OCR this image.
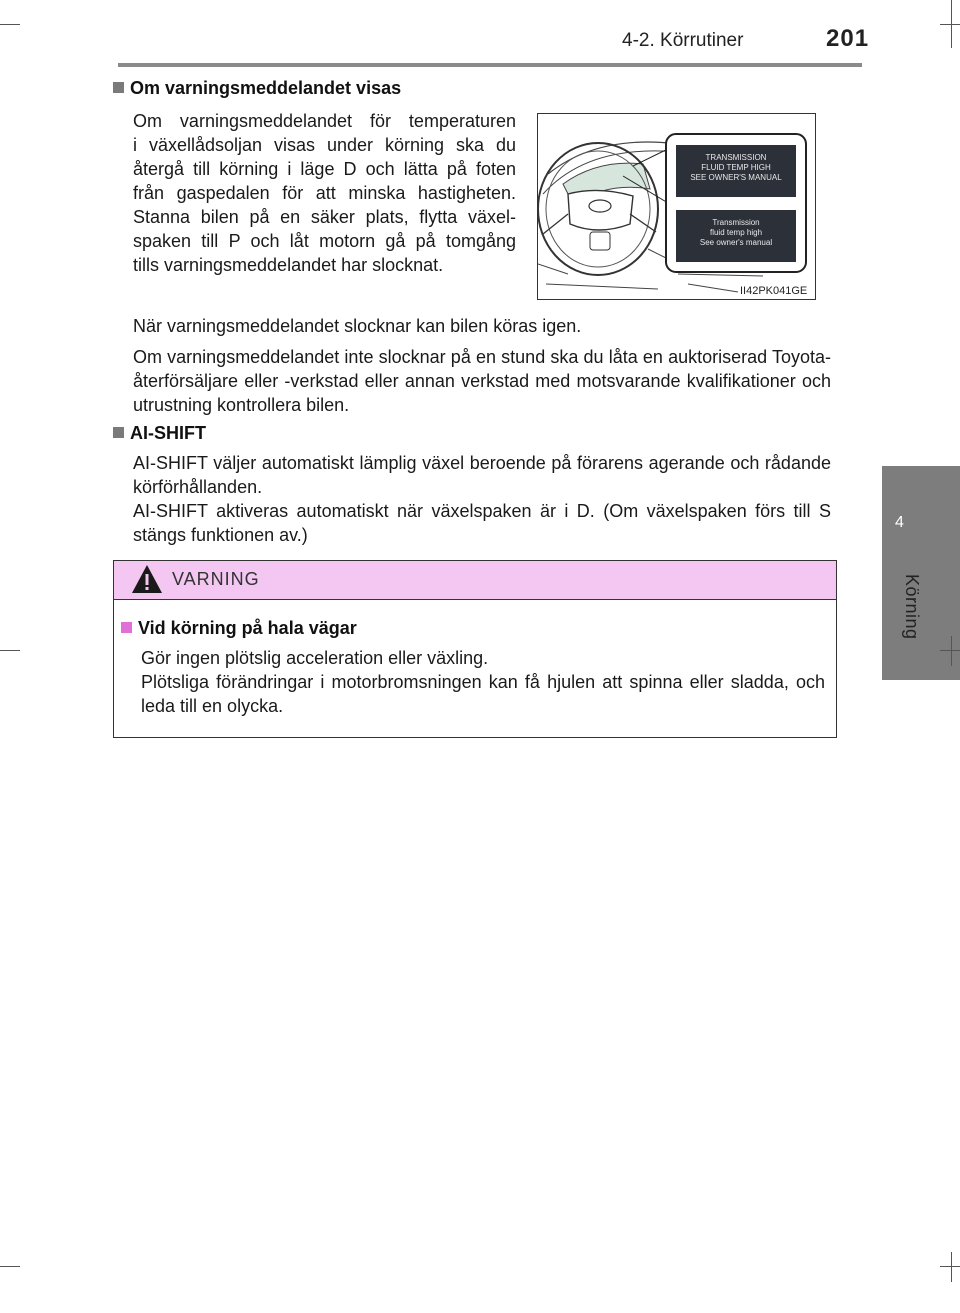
4-2. Körrutiner	201
4
Körning
Om varningsmeddelandet visas
Om varningsmeddelandet för temperaturen
i växellådsoljan visas under körning ska du
återgå till körning i läge D och lätta på foten
från gaspedalen för att minska hastigheten.
Stanna bilen på en säker plats, flytta växel-
spaken till P och låt motorn gå på tomgång
tills varningsmeddelandet har slocknat.
TRANSMISSION
FLUID TEMP HIGH
SEE OWNER'S MANUAL
Transmission
fluid temp high
See owner's manual
II42PK041GE
När varningsmeddelandet slocknar kan bilen köras igen.
Om varningsmeddelandet inte slocknar på en stund ska du låta en auktoriserad Toyota-återförsäljare eller -verkstad eller annan verkstad med motsvarande kvalifikationer och utrustning kontrollera bilen.
AI-SHIFT
AI-SHIFT väljer automatiskt lämplig växel beroende på förarens agerande och rådande körförhållanden.
AI-SHIFT aktiveras automatiskt när växelspaken är i D. (Om växelspaken förs till S stängs funktionen av.)
VARNING
Vid körning på hala vägar
Gör ingen plötslig acceleration eller växling.
Plötsliga förändringar i motorbromsningen kan få hjulen att spinna eller sladda, och leda till en olycka.
